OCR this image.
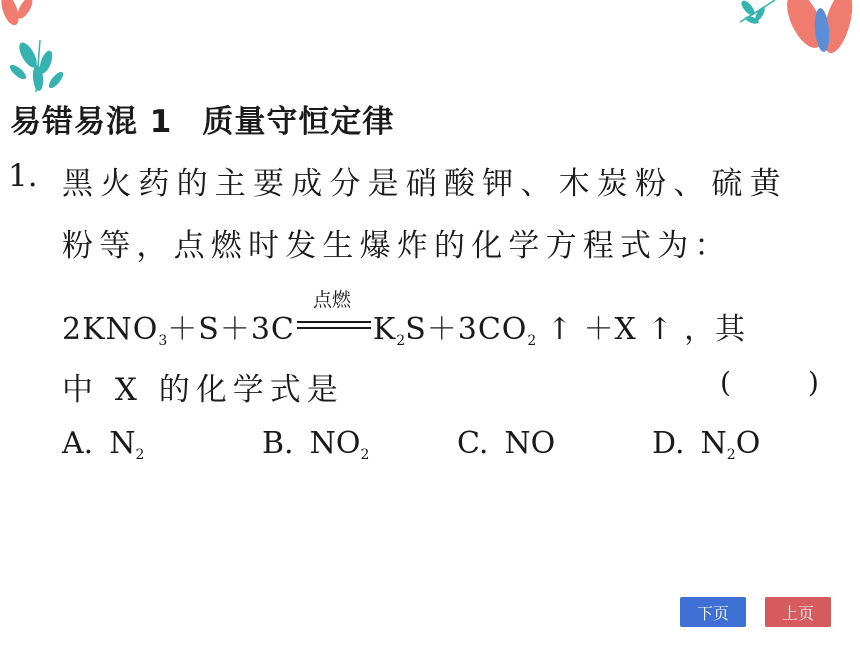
易错易混 1 质量守恒定律
1. 黑火药的主要成分是硝酸钾、木炭粉、硫黄
粉等，点燃时发生爆炸的化学方程式为：
$2KNO_3+S+3C$
点燃
$K_2S+3CO_2$ ↑ ＋X ↑ ，其
中 X 的化学式是	(	)
A. $N_2$	B. $NO_2$	C. NO	D. $N_2O$
下页	上页
